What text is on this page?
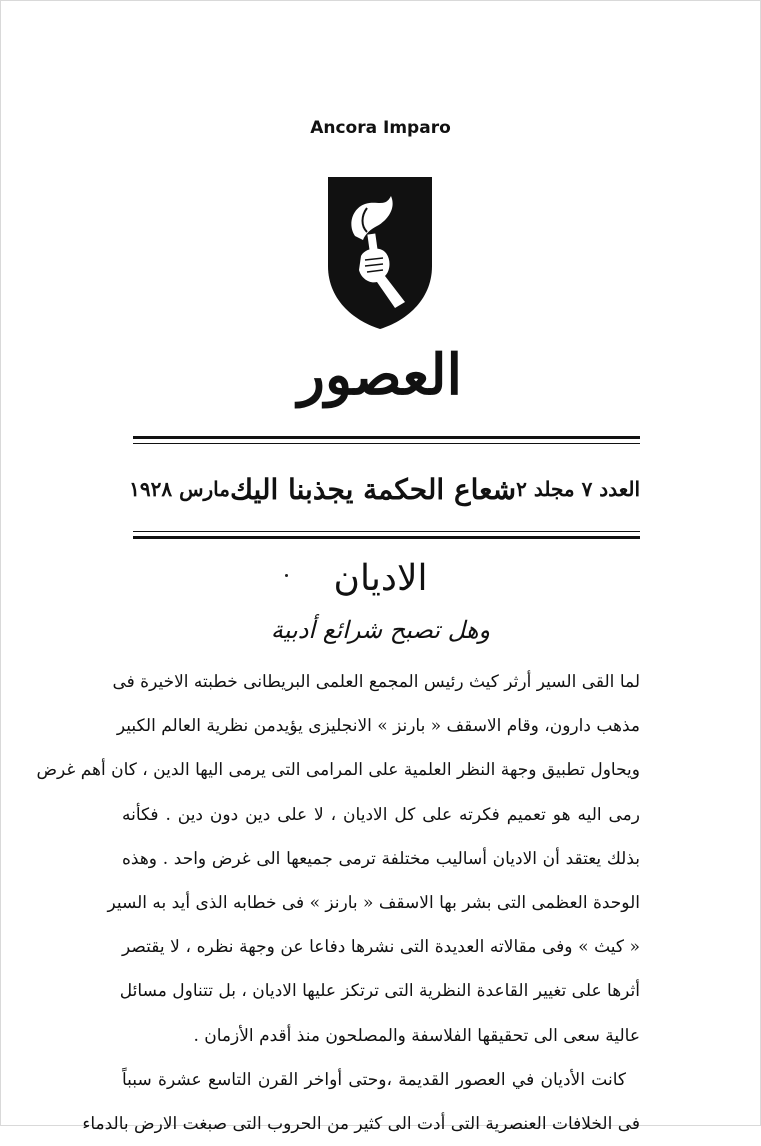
Ancora Imparo
العصور
العدد ٧ مجلد ٢
شعاع الحكمة يجذبنا اليك
مارس ١٩٢٨
الاديان
وهل تصبح شرائع أدبية
لما القى السير أرثر كيث رئيس المجمع العلمى البريطانى خطبته الاخيرة فى
مذهب دارون، وقام الاسقف « بارنز » الانجليزى يؤيدمن نظرية العالم الكبير
ويحاول تطبيق وجهة النظر العلمية على المرامى التى يرمى اليها الدين ، كان أهم غرض
رمى اليه هو تعميم فكرته على كل الاديان ، لا على دين دون دين . فكأنه
بذلك يعتقد أن الاديان أساليب مختلفة ترمى جميعها الى غرض واحد . وهذه
الوحدة العظمى التى بشر بها الاسقف « بارنز » فى خطابه الذى أيد به السير
« كيث » وفى مقالاته العديدة التى نشرها دفاعا عن وجهة نظره ، لا يقتصر
أثرها على تغيير القاعدة النظرية التى ترتكز عليها الاديان ، بل تتناول مسائل
عالية سعى الى تحقيقها الفلاسفة والمصلحون منذ أقدم الأزمان .
كانت الأديان في العصور القديمة ،وحتى أواخر القرن التاسع عشرة سبباً
فى الخلافات العنصرية التى أدت الى كثير من الحروب التى صبغت الارض بالدماء
